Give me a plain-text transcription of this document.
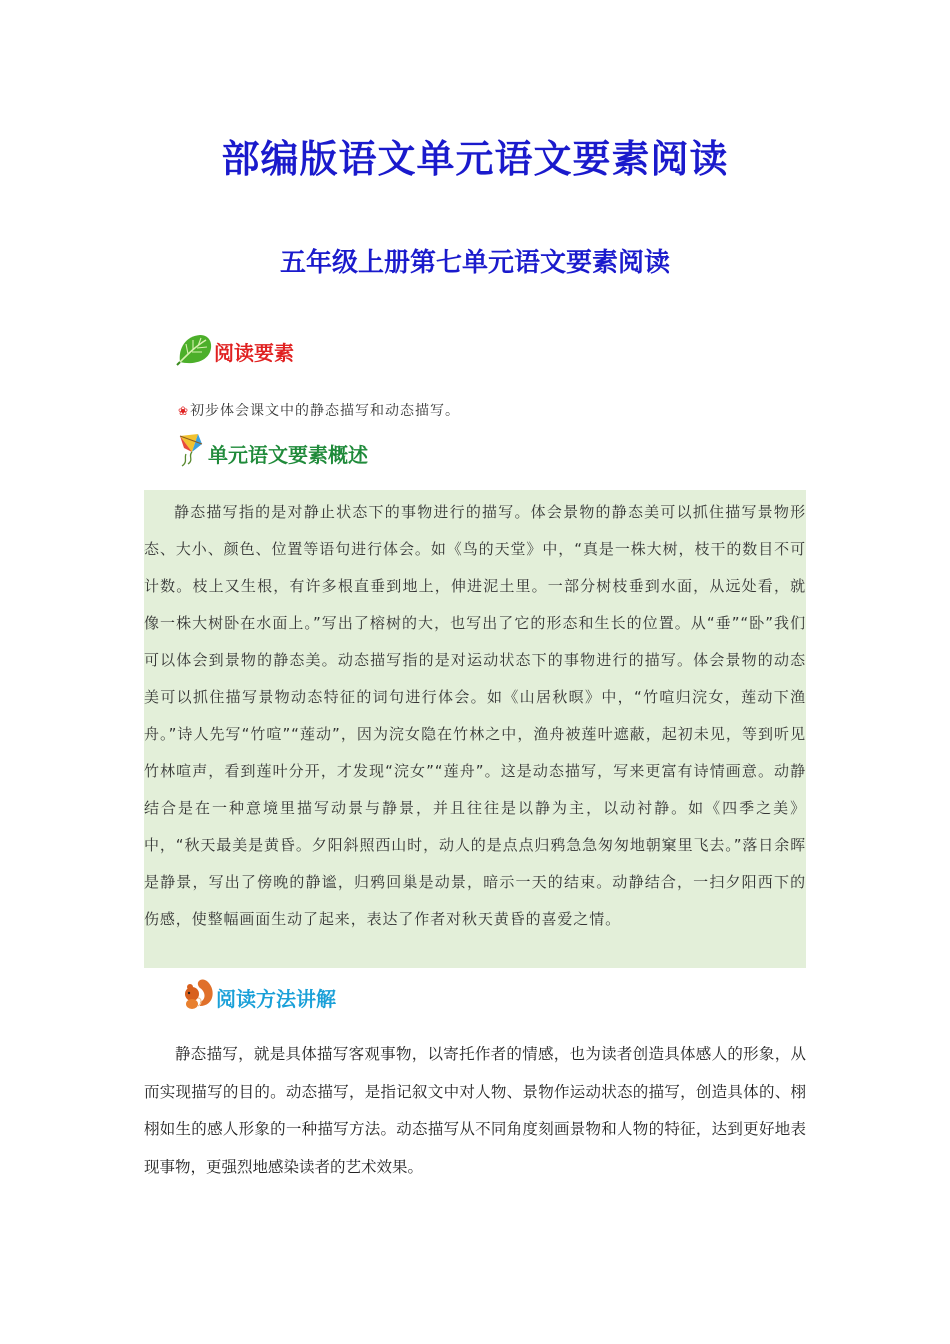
部编版语文单元语文要素阅读
五年级上册第七单元语文要素阅读
阅读要素
❀初步体会课文中的静态描写和动态描写。
单元语文要素概述

静态描写指的是对静止状态下的事物进行的描写。体会景物的静态美可以抓住描写景物形态、大小、颜色、位置等语句进行体会。如《鸟的天堂》中，“真是一株大树，枝干的数目不可计数。枝上又生根，有许多根直垂到地上，伸进泥土里。一部分树枝垂到水面，从远处看，就像一株大树卧在水面上。”写出了榕树的大，也写出了它的形态和生长的位置。从“垂”“卧”我们可以体会到景物的静态美。动态描写指的是对运动状态下的事物进行的描写。体会景物的动态美可以抓住描写景物动态特征的词句进行体会。如《山居秋暝》中，“竹喧归浣女，莲动下渔舟。”诗人先写“竹喧”“莲动”，因为浣女隐在竹林之中，渔舟被莲叶遮蔽，起初未见，等到听见竹林喧声，看到莲叶分开，才发现“浣女”“莲舟”。这是动态描写，写来更富有诗情画意。动静结合是在一种意境里描写动景与静景，并且往往是以静为主，以动衬静。如《四季之美》中，“秋天最美是黄昏。夕阳斜照西山时，动人的是点点归鸦急急匆匆地朝窠里飞去。”落日余晖是静景，写出了傍晚的静谧，归鸦回巢是动景，暗示一天的结束。动静结合，一扫夕阳西下的伤感，使整幅画面生动了起来，表达了作者对秋天黄昏的喜爱之情。

阅读方法讲解

静态描写，就是具体描写客观事物，以寄托作者的情感，也为读者创造具体感人的形象，从而实现描写的目的。动态描写，是指记叙文中对人物、景物作运动状态的描写，创造具体的、栩栩如生的感人形象的一种描写方法。动态描写从不同角度刻画景物和人物的特征，达到更好地表现事物，更强烈地感染读者的艺术效果。
